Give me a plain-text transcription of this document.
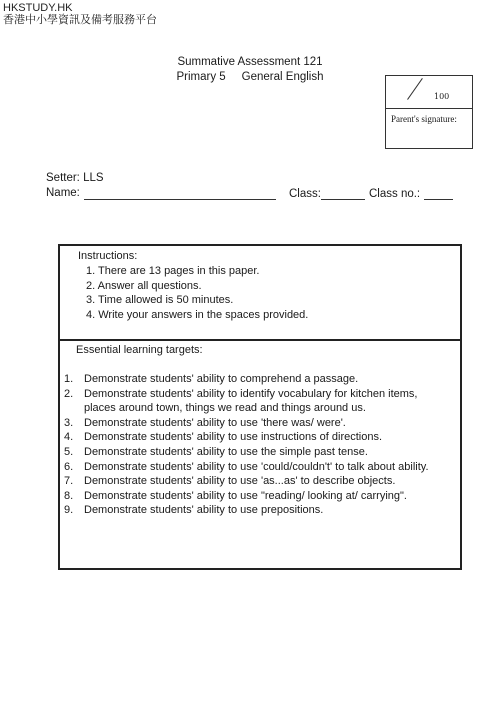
HKSTUDY.HK
香港中小學資訊及備考服務平台
Summative Assessment 121
Primary 5     General English
100
Parent's signature:
Setter: LLS
Name:	Class:	Class no.:
Instructions:
1. There are 13 pages in this paper.
2. Answer all questions.
3. Time allowed is 50 minutes.
4. Write your answers in the spaces provided.
Essential learning targets:
1. Demonstrate students' ability to comprehend a passage.
2. Demonstrate students' ability to identify vocabulary for kitchen items,
places around town, things we read and things around us.
3. Demonstrate students' ability to use 'there was/ were'.
4. Demonstrate students' ability to use instructions of directions.
5. Demonstrate students' ability to use the simple past tense.
6. Demonstrate students' ability to use 'could/couldn't' to talk about ability.
7. Demonstrate students' ability to use 'as...as' to describe objects.
8. Demonstrate students' ability to use "reading/ looking at/ carrying".
9. Demonstrate students' ability to use prepositions.
